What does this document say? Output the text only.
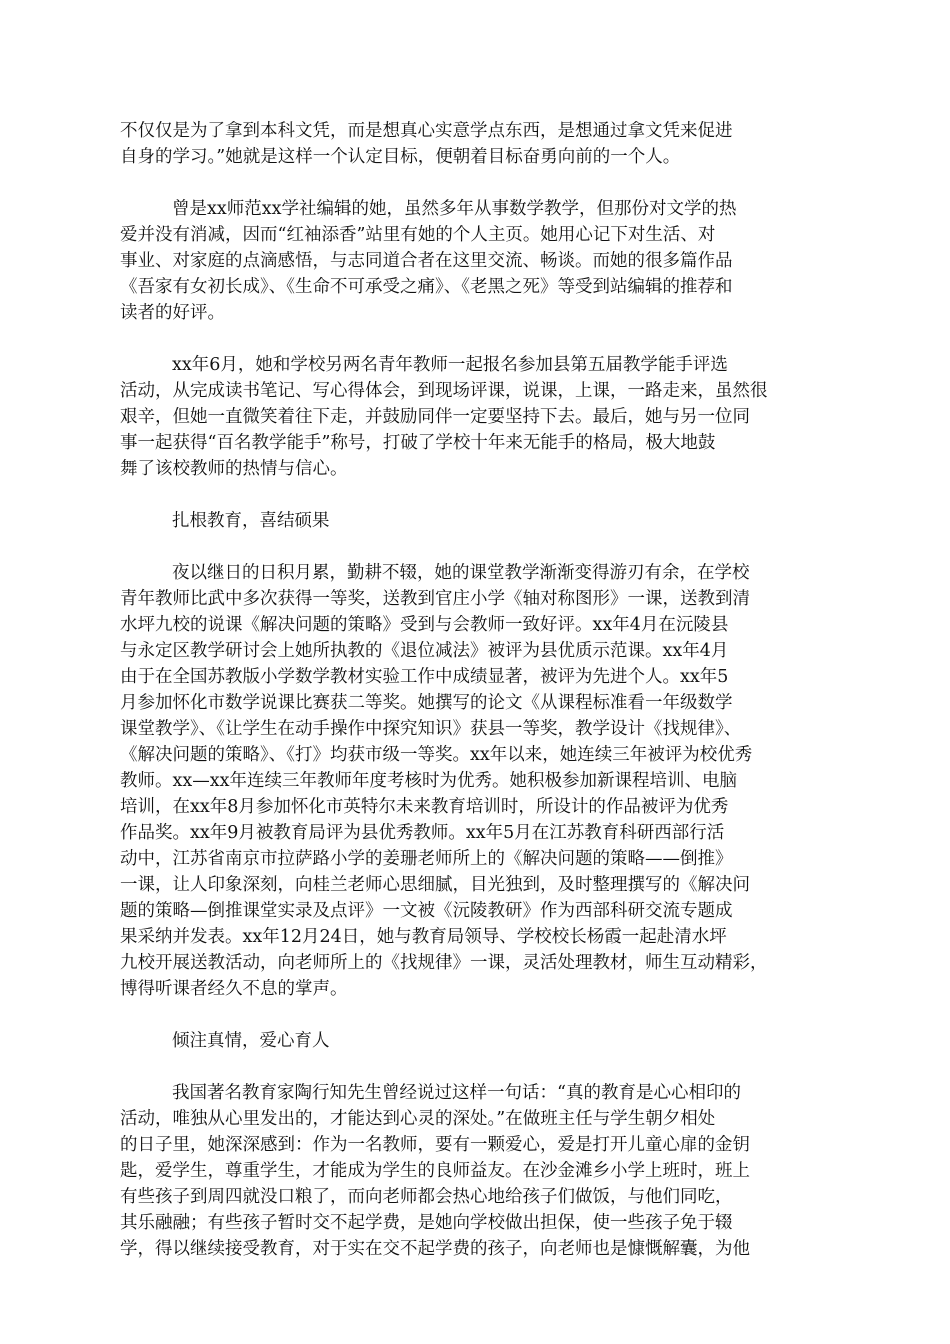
不仅仅是为了拿到本科文凭，而是想真心实意学点东西，是想通过拿文凭来促进
自身的学习。”她就是这样一个认定目标，便朝着目标奋勇向前的一个人。
曾是xx师范xx学社编辑的她，虽然多年从事数学教学，但那份对文学的热
爱并没有消减，因而“红袖添香”站里有她的个人主页。她用心记下对生活、对
事业、对家庭的点滴感悟，与志同道合者在这里交流、畅谈。而她的很多篇作品
《吾家有女初长成》、《生命不可承受之痛》、《老黑之死》等受到站编辑的推荐和
读者的好评。
xx年6月，她和学校另两名青年教师一起报名参加县第五届教学能手评选
活动，从完成读书笔记、写心得体会，到现场评课，说课，上课，一路走来，虽然很
艰辛，但她一直微笑着往下走，并鼓励同伴一定要坚持下去。最后，她与另一位同
事一起获得“百名教学能手”称号，打破了学校十年来无能手的格局，极大地鼓
舞了该校教师的热情与信心。
扎根教育，喜结硕果
夜以继日的日积月累，勤耕不辍，她的课堂教学渐渐变得游刃有余，在学校
青年教师比武中多次获得一等奖，送教到官庄小学《轴对称图形》一课，送教到清
水坪九校的说课《解决问题的策略》受到与会教师一致好评。xx年4月在沅陵县
与永定区教学研讨会上她所执教的《退位减法》被评为县优质示范课。xx年4月
由于在全国苏教版小学数学教材实验工作中成绩显著，被评为先进个人。xx年5
月参加怀化市数学说课比赛获二等奖。她撰写的论文《从课程标准看一年级数学
课堂教学》、《让学生在动手操作中探究知识》获县一等奖，教学设计《找规律》、
《解决问题的策略》、《打》均获市级一等奖。xx年以来，她连续三年被评为校优秀
教师。xx—xx年连续三年教师年度考核时为优秀。她积极参加新课程培训、电脑
培训，在xx年8月参加怀化市英特尔未来教育培训时，所设计的作品被评为优秀
作品奖。xx年9月被教育局评为县优秀教师。xx年5月在江苏教育科研西部行活
动中，江苏省南京市拉萨路小学的姜珊老师所上的《解决问题的策略——倒推》
一课，让人印象深刻，向桂兰老师心思细腻，目光独到，及时整理撰写的《解决问
题的策略—倒推课堂实录及点评》一文被《沅陵教研》作为西部科研交流专题成
果采纳并发表。xx年12月24日，她与教育局领导、学校校长杨霞一起赴清水坪
九校开展送教活动，向老师所上的《找规律》一课，灵活处理教材，师生互动精彩，
博得听课者经久不息的掌声。
倾注真情，爱心育人
我国著名教育家陶行知先生曾经说过这样一句话：“真的教育是心心相印的
活动，唯独从心里发出的，才能达到心灵的深处。”在做班主任与学生朝夕相处
的日子里，她深深感到：作为一名教师，要有一颗爱心，爱是打开儿童心扉的金钥
匙，爱学生，尊重学生，才能成为学生的良师益友。在沙金滩乡小学上班时，班上
有些孩子到周四就没口粮了，而向老师都会热心地给孩子们做饭，与他们同吃，
其乐融融；有些孩子暂时交不起学费，是她向学校做出担保，使一些孩子免于辍
学，得以继续接受教育，对于实在交不起学费的孩子，向老师也是慷慨解囊，为他
